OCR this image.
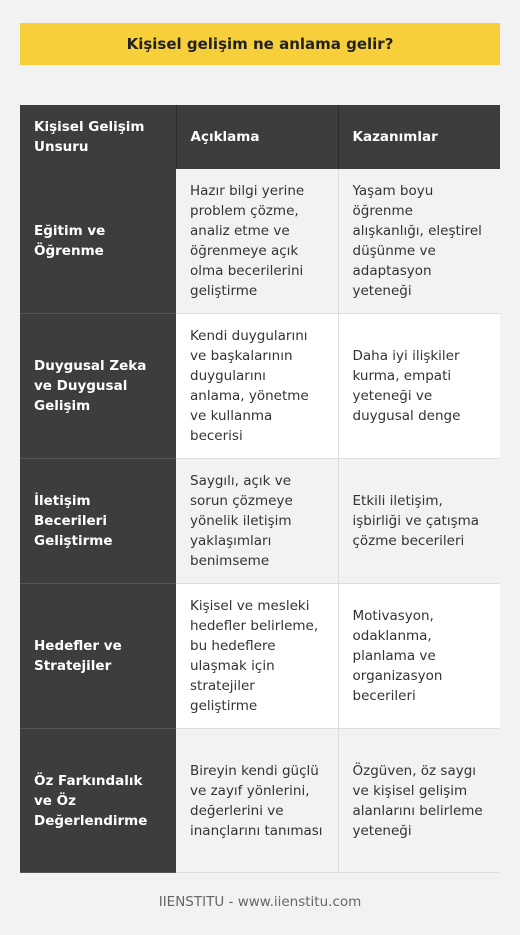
Kişisel gelişim ne anlama gelir?
Kişisel Gelişim Unsuru	Açıklama	Kazanımlar
Eğitim ve Öğrenme	Hazır bilgi yerine problem çözme, analiz etme ve öğrenmeye açık olma becerilerini geliştirme	Yaşam boyu öğrenme alışkanlığı, eleştirel düşünme ve adaptasyon yeteneği
Duygusal Zeka ve Duygusal Gelişim	Kendi duygularını ve başkalarının duygularını anlama, yönetme ve kullanma becerisi	Daha iyi ilişkiler kurma, empati yeteneği ve duygusal denge
İletişim Becerileri Geliştirme	Saygılı, açık ve sorun çözmeye yönelik iletişim yaklaşımları benimseme	Etkili iletişim, işbirliği ve çatışma çözme becerileri
Hedefler ve Stratejiler	Kişisel ve mesleki hedefler belirleme, bu hedeflere ulaşmak için stratejiler geliştirme	Motivasyon, odaklanma, planlama ve organizasyon becerileri
Öz Farkındalık ve Öz Değerlendirme	Bireyin kendi güçlü ve zayıf yönlerini, değerlerini ve inançlarını tanıması	Özgüven, öz saygı ve kişisel gelişim alanlarını belirleme yeteneği
IIENSTITU - www.iienstitu.com
